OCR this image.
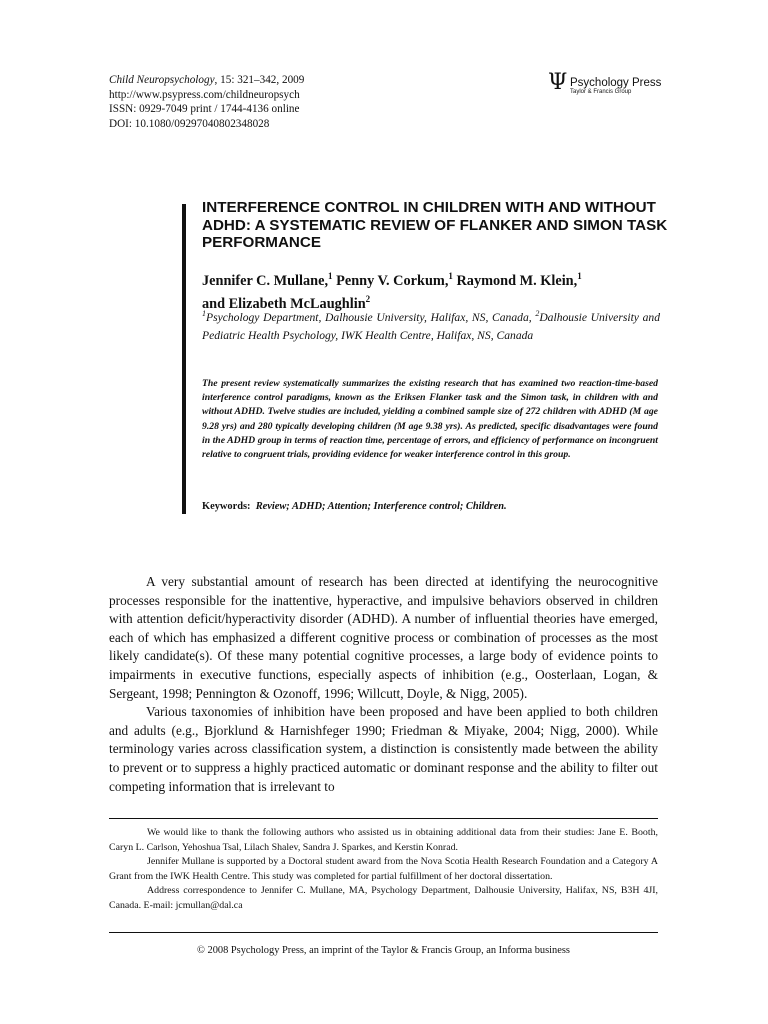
Child Neuropsychology, 15: 321–342, 2009
http://www.psypress.com/childneuropsych
ISSN: 0929-7049 print / 1744-4136 online
DOI: 10.1080/09297040802348028
Ψ Psychology Press
Taylor & Francis Group
INTERFERENCE CONTROL IN CHILDREN WITH AND WITHOUT ADHD: A SYSTEMATIC REVIEW OF FLANKER AND SIMON TASK PERFORMANCE

Jennifer C. Mullane,$^1$ Penny V. Corkum,$^1$ Raymond M. Klein,$^1$
and Elizabeth McLaughlin$^2$

$^1$Psychology Department, Dalhousie University, Halifax, NS, Canada, $^2$Dalhousie University and Pediatric Health Psychology, IWK Health Centre, Halifax, NS, Canada

The present review systematically summarizes the existing research that has examined two reaction-time-based interference control paradigms, known as the Eriksen Flanker task and the Simon task, in children with and without ADHD. Twelve studies are included, yielding a combined sample size of 272 children with ADHD (M age 9.28 yrs) and 280 typically developing children (M age 9.38 yrs). As predicted, specific disadvantages were found in the ADHD group in terms of reaction time, percentage of errors, and efficiency of performance on incongruent relative to congruent trials, providing evidence for weaker interference control in this group.

Keywords: Review; ADHD; Attention; Interference control; Children.

A very substantial amount of research has been directed at identifying the neurocognitive processes responsible for the inattentive, hyperactive, and impulsive behaviors observed in children with attention deficit/hyperactivity disorder (ADHD). A number of influential theories have emerged, each of which has emphasized a different cognitive process or combination of processes as the most likely candidate(s). Of these many potential cognitive processes, a large body of evidence points to impairments in executive functions, especially aspects of inhibition (e.g., Oosterlaan, Logan, & Sergeant, 1998; Pennington & Ozonoff, 1996; Willcutt, Doyle, & Nigg, 2005).

Various taxonomies of inhibition have been proposed and have been applied to both children and adults (e.g., Bjorklund & Harnishfeger 1990; Friedman & Miyake, 2004; Nigg, 2000). While terminology varies across classification system, a distinction is consistently made between the ability to prevent or to suppress a highly practiced automatic or dominant response and the ability to filter out competing information that is irrelevant to

We would like to thank the following authors who assisted us in obtaining additional data from their studies: Jane E. Booth, Caryn L. Carlson, Yehoshua Tsal, Lilach Shalev, Sandra J. Sparkes, and Kerstin Konrad.

Jennifer Mullane is supported by a Doctoral student award from the Nova Scotia Health Research Foundation and a Category A Grant from the IWK Health Centre. This study was completed for partial fulfillment of her doctoral dissertation.

Address correspondence to Jennifer C. Mullane, MA, Psychology Department, Dalhousie University, Halifax, NS, B3H 4JI, Canada. E-mail: jcmullan@dal.ca

© 2008 Psychology Press, an imprint of the Taylor & Francis Group, an Informa business
